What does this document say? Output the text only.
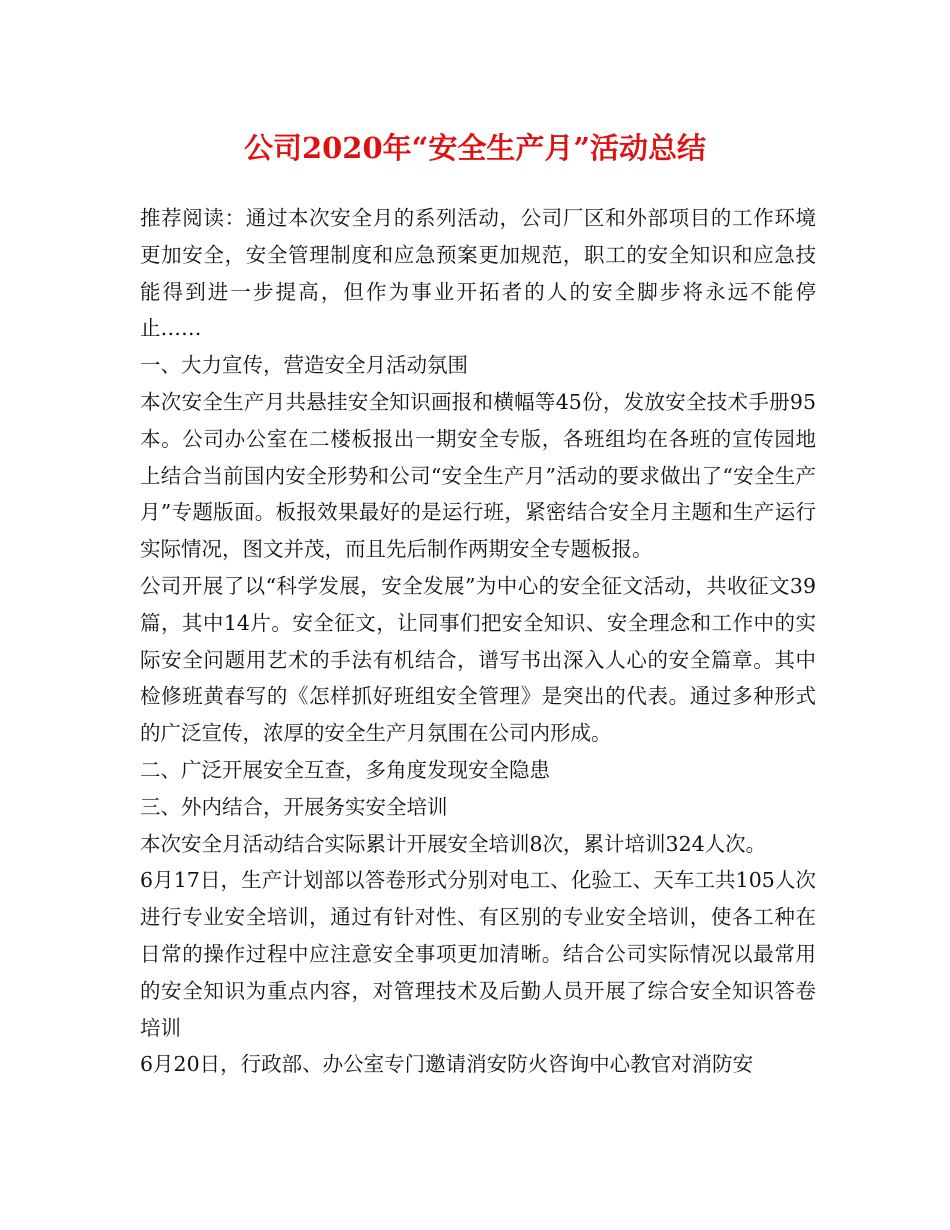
公司2020年“安全生产月”活动总结

推荐阅读：通过本次安全月的系列活动，公司厂区和外部项目的工作环境更加安全，安全管理制度和应急预案更加规范，职工的安全知识和应急技能得到进一步提高，但作为事业开拓者的人的安全脚步将永远不能停止……

一、大力宣传，营造安全月活动氛围

本次安全生产月共悬挂安全知识画报和横幅等45份，发放安全技术手册95本。公司办公室在二楼板报出一期安全专版，各班组均在各班的宣传园地上结合当前国内安全形势和公司“安全生产月”活动的要求做出了“安全生产月”专题版面。板报效果最好的是运行班，紧密结合安全月主题和生产运行实际情况，图文并茂，而且先后制作两期安全专题板报。

公司开展了以“科学发展，安全发展”为中心的安全征文活动，共收征文39篇，其中14片。安全征文，让同事们把安全知识、安全理念和工作中的实际安全问题用艺术的手法有机结合，谱写书出深入人心的安全篇章。其中检修班黄春写的《怎样抓好班组安全管理》是突出的代表。通过多种形式的广泛宣传，浓厚的安全生产月氛围在公司内形成。

二、广泛开展安全互查，多角度发现安全隐患

三、外内结合，开展务实安全培训

本次安全月活动结合实际累计开展安全培训8次，累计培训324人次。

6月17日，生产计划部以答卷形式分别对电工、化验工、天车工共105人次进行专业安全培训，通过有针对性、有区别的专业安全培训，使各工种在日常的操作过程中应注意安全事项更加清晰。结合公司实际情况以最常用的安全知识为重点内容，对管理技术及后勤人员开展了综合安全知识答卷培训

6月20日，行政部、办公室专门邀请消安防火咨询中心教官对消防安
